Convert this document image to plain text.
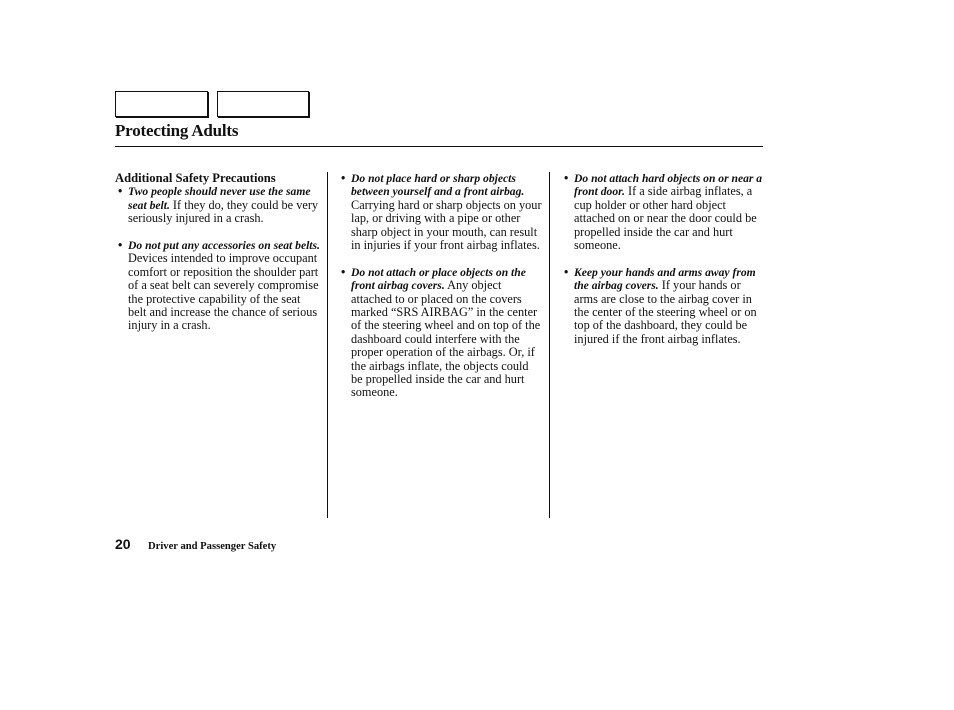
Protecting Adults
Additional Safety Precautions
• Two people should never use the same seat belt. If they do, they could be very seriously injured in a crash.
• Do not put any accessories on seat belts. Devices intended to improve occupant comfort or reposition the shoulder part of a seat belt can severely compromise the protective capability of the seat belt and increase the chance of serious injury in a crash.
• Do not place hard or sharp objects between yourself and a front airbag. Carrying hard or sharp objects on your lap, or driving with a pipe or other sharp object in your mouth, can result in injuries if your front airbag inflates.
• Do not attach or place objects on the front airbag covers. Any object attached to or placed on the covers marked “SRS AIRBAG” in the center of the steering wheel and on top of the dashboard could interfere with the proper operation of the airbags. Or, if the airbags inflate, the objects could be propelled inside the car and hurt someone.
• Do not attach hard objects on or near a front door. If a side airbag inflates, a cup holder or other hard object attached on or near the door could be propelled inside the car and hurt someone.
• Keep your hands and arms away from the airbag covers. If your hands or arms are close to the airbag cover in the center of the steering wheel or on top of the dashboard, they could be injured if the front airbag inflates.
20 Driver and Passenger Safety
